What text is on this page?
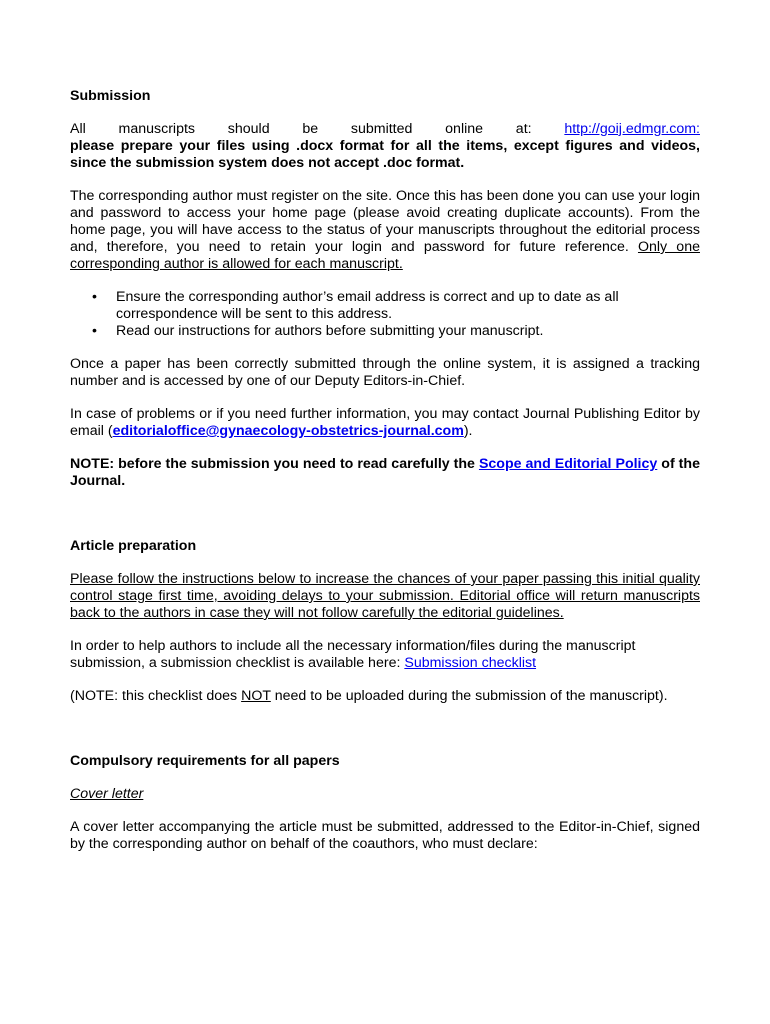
Submission

All manuscripts should be submitted online at: http://goij.edmgr.com:
please prepare your files using .docx format for all the items, except figures and videos, since the submission system does not accept .doc format.

The corresponding author must register on the site. Once this has been done you can use your login and password to access your home page (please avoid creating duplicate accounts). From the home page, you will have access to the status of your manuscripts throughout the editorial process and, therefore, you need to retain your login and password for future reference. Only one corresponding author is allowed for each manuscript.

• Ensure the corresponding author’s email address is correct and up to date as all correspondence will be sent to this address.
• Read our instructions for authors before submitting your manuscript.

Once a paper has been correctly submitted through the online system, it is assigned a tracking number and is accessed by one of our Deputy Editors-in-Chief.

In case of problems or if you need further information, you may contact Journal Publishing Editor by email (editorialoffice@gynaecology-obstetrics-journal.com).

NOTE: before the submission you need to read carefully the Scope and Editorial Policy of the Journal.

Article preparation

Please follow the instructions below to increase the chances of your paper passing this initial quality control stage first time, avoiding delays to your submission. Editorial office will return manuscripts back to the authors in case they will not follow carefully the editorial guidelines.

In order to help authors to include all the necessary information/files during the manuscript submission, a submission checklist is available here: Submission checklist

(NOTE: this checklist does NOT need to be uploaded during the submission of the manuscript).

Compulsory requirements for all papers

Cover letter

A cover letter accompanying the article must be submitted, addressed to the Editor-in-Chief, signed by the corresponding author on behalf of the coauthors, who must declare:
